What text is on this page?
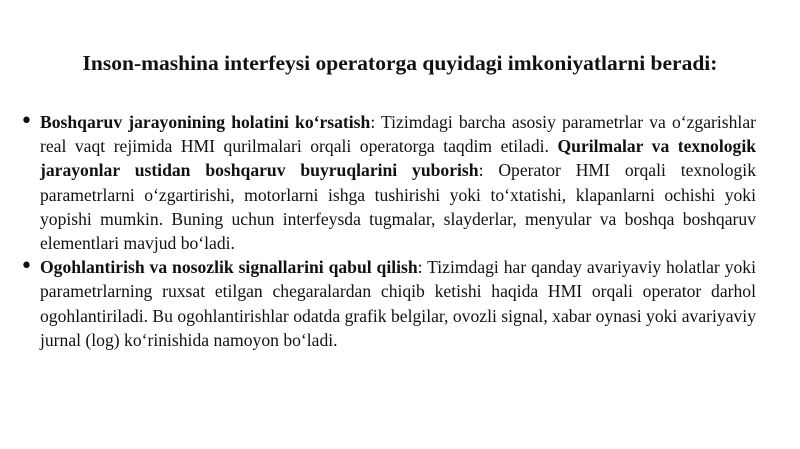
Inson-mashina interfeysi operatorga quyidagi imkoniyatlarni beradi:
• Boshqaruv jarayonining holatini ko‘rsatish: Tizimdagi barcha asosiy parametrlar va o‘zgarishlar real vaqt rejimida HMI qurilmalari orqali operatorga taqdim etiladi. Qurilmalar va texnologik jarayonlar ustidan boshqaruv buyruqlarini yuborish: Operator HMI orqali texnologik parametrlarni o‘zgartirishi, motorlarni ishga tushirishi yoki to‘xtatishi, klapanlarni ochishi yoki yopishi mumkin. Buning uchun interfeysda tugmalar, slayderlar, menyular va boshqa boshqaruv elementlari mavjud bo‘ladi.
• Ogohlantirish va nosozlik signallarini qabul qilish: Tizimdagi har qanday avariyaviy holatlar yoki parametrlarning ruxsat etilgan chegaralardan chiqib ketishi haqida HMI orqali operator darhol ogohlantiriladi. Bu ogohlantirishlar odatda grafik belgilar, ovozli signal, xabar oynasi yoki avariyaviy jurnal (log) ko‘rinishida namoyon bo‘ladi.
